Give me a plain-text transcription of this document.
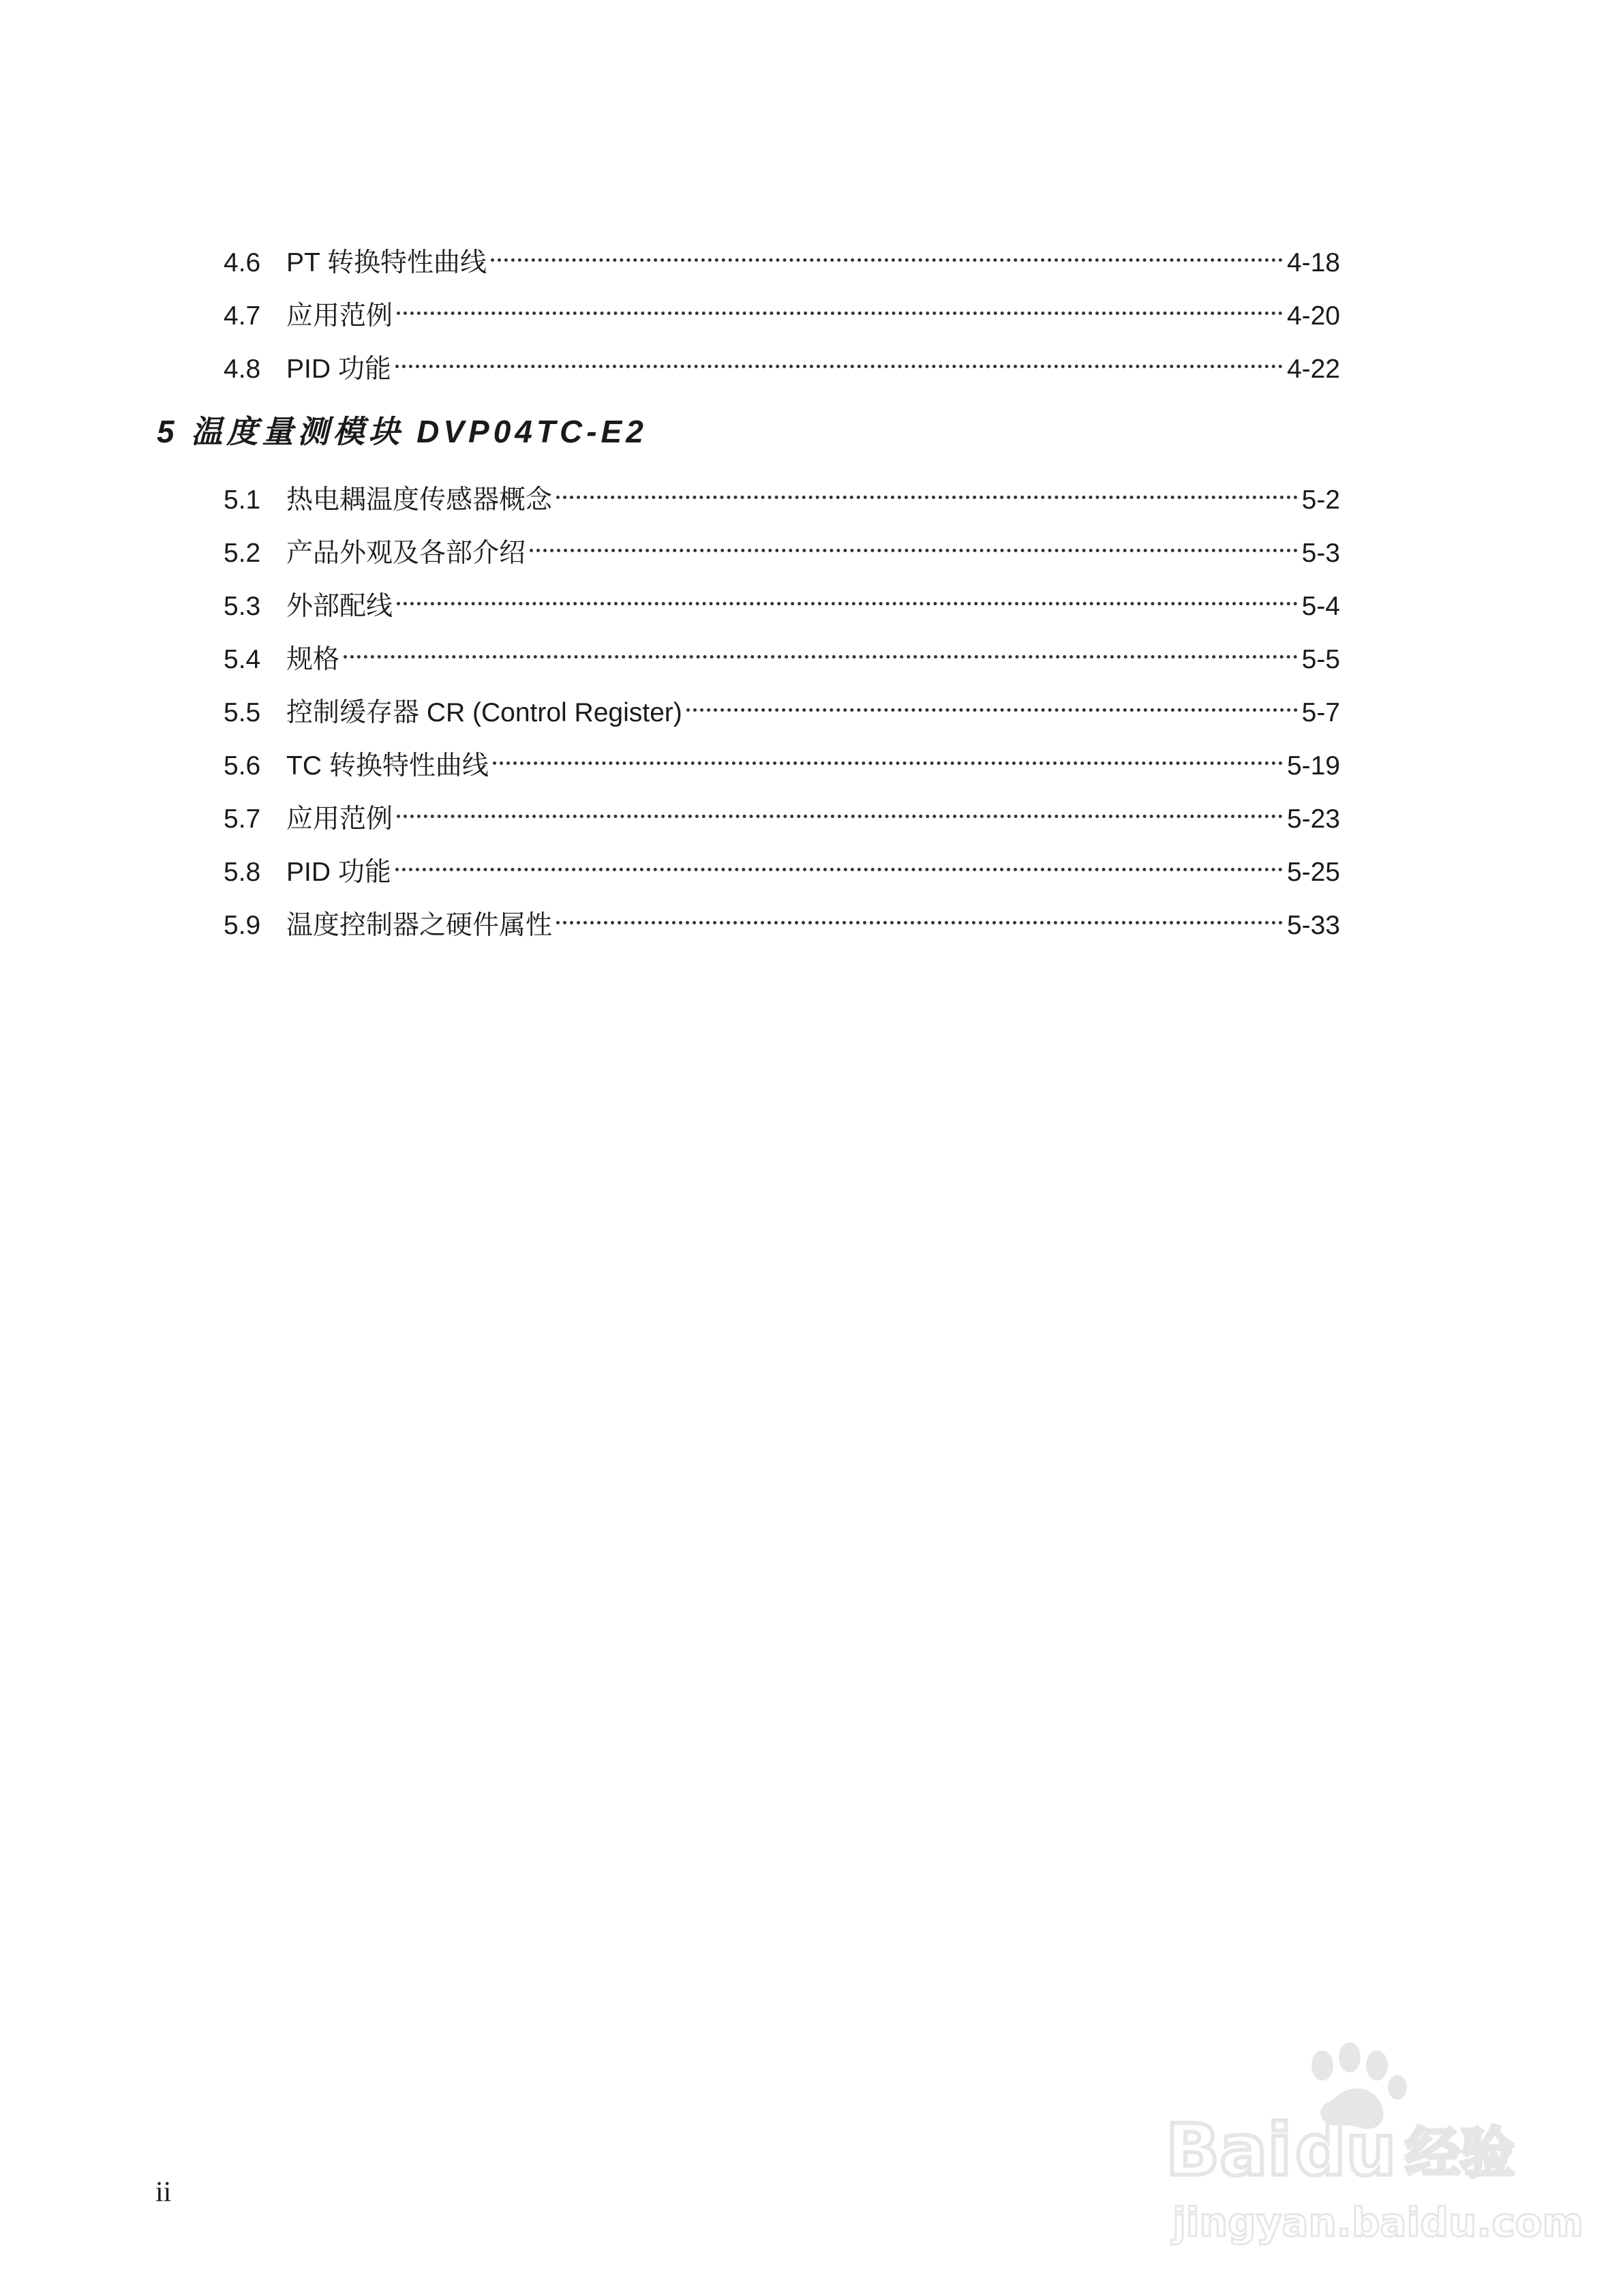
4.6 PT 转换特性曲线	4-18
4.7 应用范例	4-20
4.8 PID 功能	4-22
5 温度量测模块 DVP04TC-E2
5.1 热电耦温度传感器概念	5-2
5.2 产品外观及各部介绍	5-3
5.3 外部配线	5-4
5.4 规格	5-5
5.5 控制缓存器 CR (Control Register)	5-7
5.6 TC 转换特性曲线	5-19
5.7 应用范例	5-23
5.8 PID 功能	5-25
5.9 温度控制器之硬件属性	5-33
ii
Bai du 经验
jingyan.baidu.com
